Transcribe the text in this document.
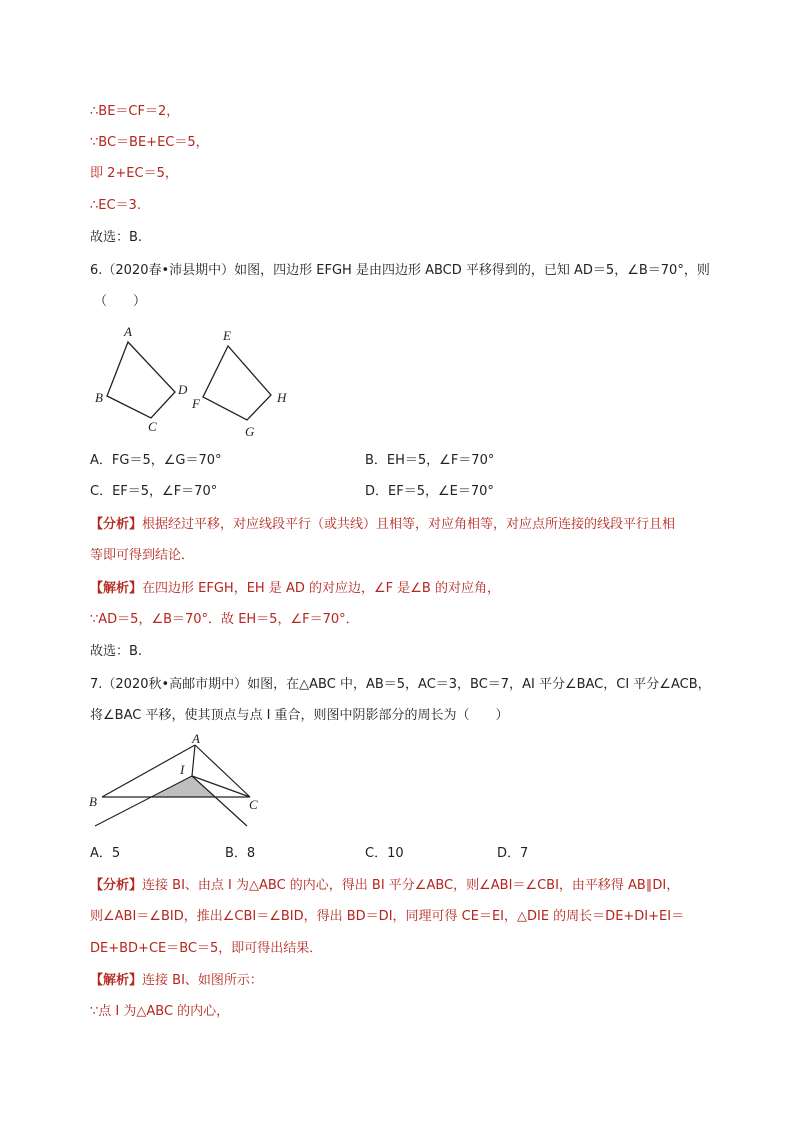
∴BE＝CF＝2，
∵BC＝BE+EC＝5，
即 2+EC＝5，
∴EC＝3.
故选：B.
6.（2020春•沛县期中）如图，四边形 EFGH 是由四边形 ABCD 平移得到的，已知 AD＝5，∠B＝70°，则
（　　）
A
B
C
D
E
F
G
H
A．FG＝5，∠G＝70°	B．EH＝5，∠F＝70°
C．EF＝5，∠F＝70°	D．EF＝5，∠E＝70°
【分析】根据经过平移，对应线段平行（或共线）且相等，对应角相等，对应点所连接的线段平行且相
等即可得到结论．
【解析】在四边形 EFGH，EH 是 AD 的对应边，∠F 是∠B 的对应角，
∵AD＝5，∠B＝70°．故 EH＝5，∠F＝70°．
故选：B.
7.（2020秋•高邮市期中）如图，在△ABC 中，AB＝5，AC＝3，BC＝7，AI 平分∠BAC，CI 平分∠ACB，
将∠BAC 平移，使其顶点与点 I 重合，则图中阴影部分的周长为（　　）
A
I
B	C
A．5	B．8	C．10	D．7
【分析】连接 BI、由点 I 为△ABC 的内心，得出 BI 平分∠ABC，则∠ABI＝∠CBI，由平移得 AB∥DI，
则∠ABI＝∠BID，推出∠CBI＝∠BID，得出 BD＝DI，同理可得 CE＝EI，△DIE 的周长＝DE+DI+EI＝
DE+BD+CE＝BC＝5，即可得出结果．
【解析】连接 BI、如图所示：
∵点 I 为△ABC 的内心，
